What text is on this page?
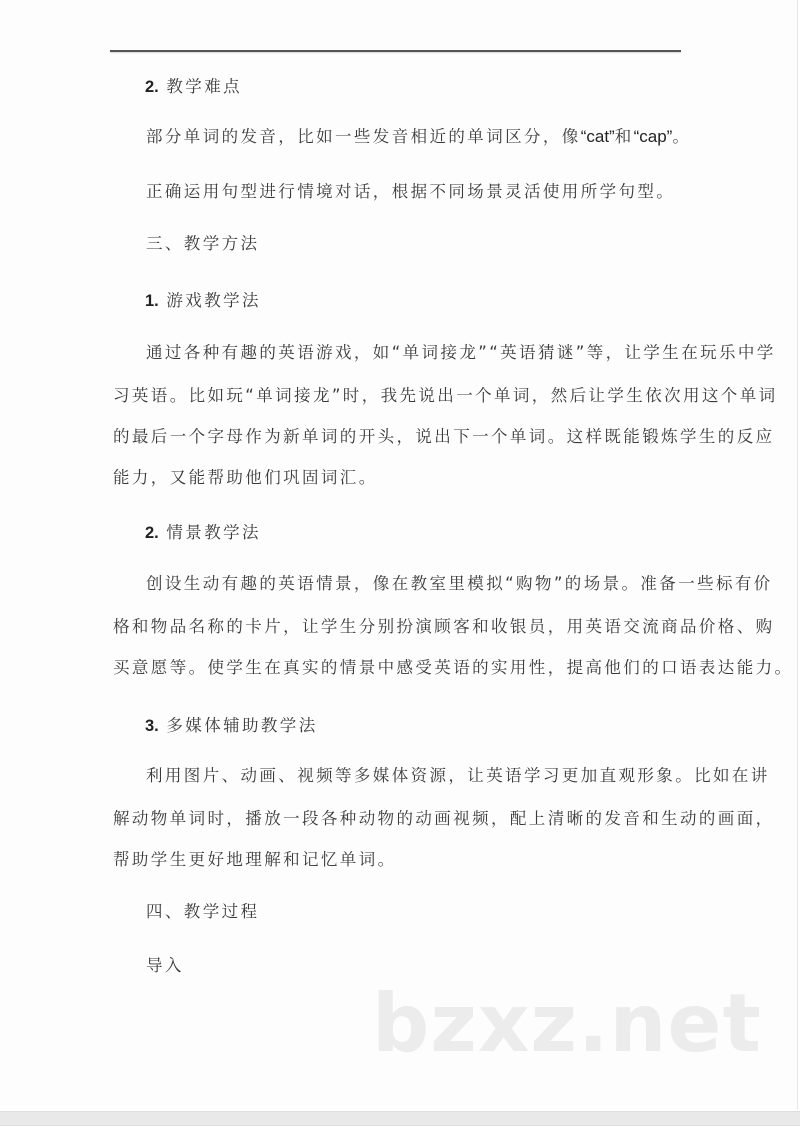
2. 教学难点
部分单词的发音，比如一些发音相近的单词区分，像“cat”和“cap”。
正确运用句型进行情境对话，根据不同场景灵活使用所学句型。
三、教学方法
1. 游戏教学法
通过各种有趣的英语游戏，如“单词接龙”“英语猜谜”等，让学生在玩乐中学
习英语。比如玩“单词接龙”时，我先说出一个单词，然后让学生依次用这个单词
的最后一个字母作为新单词的开头，说出下一个单词。这样既能锻炼学生的反应
能力，又能帮助他们巩固词汇。
2. 情景教学法
创设生动有趣的英语情景，像在教室里模拟“购物”的场景。准备一些标有价
格和物品名称的卡片，让学生分别扮演顾客和收银员，用英语交流商品价格、购
买意愿等。使学生在真实的情景中感受英语的实用性，提高他们的口语表达能力。
3. 多媒体辅助教学法
利用图片、动画、视频等多媒体资源，让英语学习更加直观形象。比如在讲
解动物单词时，播放一段各种动物的动画视频，配上清晰的发音和生动的画面，
帮助学生更好地理解和记忆单词。
四、教学过程
导入
bzxz.net
